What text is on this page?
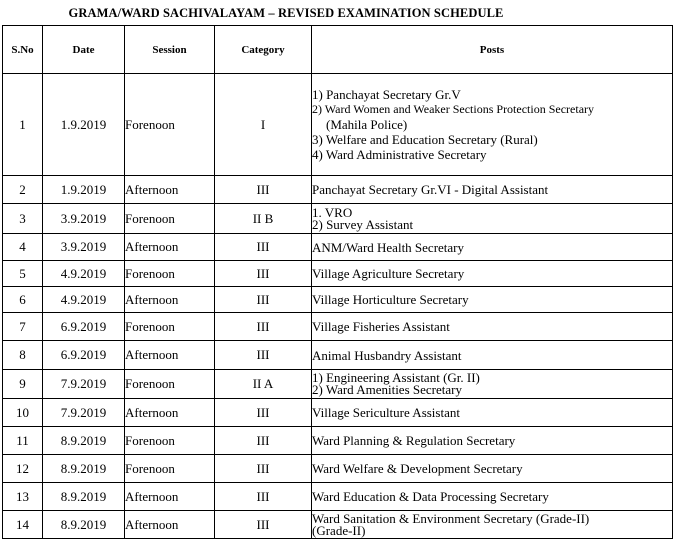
GRAMA/WARD SACHIVALAYAM – REVISED EXAMINATION SCHEDULE
S.No	Date	Session	Category	Posts
1	1.9.2019	Forenoon	I	1) Panchayat Secretary Gr.V
2) Ward Women and Weaker Sections Protection Secretary
(Mahila Police)
3) Welfare and Education Secretary (Rural)
4) Ward Administrative Secretary

2	1.9.2019	Afternoon	III	Panchayat Secretary Gr.VI - Digital Assistant

3	3.9.2019	Forenoon	II B	1. VRO
2) Survey Assistant

4	3.9.2019	Afternoon	III	ANM/Ward Health Secretary

5	4.9.2019	Forenoon	III	Village Agriculture Secretary

6	4.9.2019	Afternoon	III	Village Horticulture Secretary

7	6.9.2019	Forenoon	III	Village Fisheries Assistant

8	6.9.2019	Afternoon	III	Animal Husbandry Assistant

9	7.9.2019	Forenoon	II A	1) Engineering Assistant (Gr. II)
2) Ward Amenities Secretary

10	7.9.2019	Afternoon	III	Village Sericulture Assistant

11	8.9.2019	Forenoon	III	Ward Planning & Regulation Secretary

12	8.9.2019	Forenoon	III	Ward Welfare & Development Secretary

13	8.9.2019	Afternoon	III	Ward Education & Data Processing Secretary

14	8.9.2019	Afternoon	III	Ward Sanitation & Environment Secretary (Grade-II)
(Grade-II)
